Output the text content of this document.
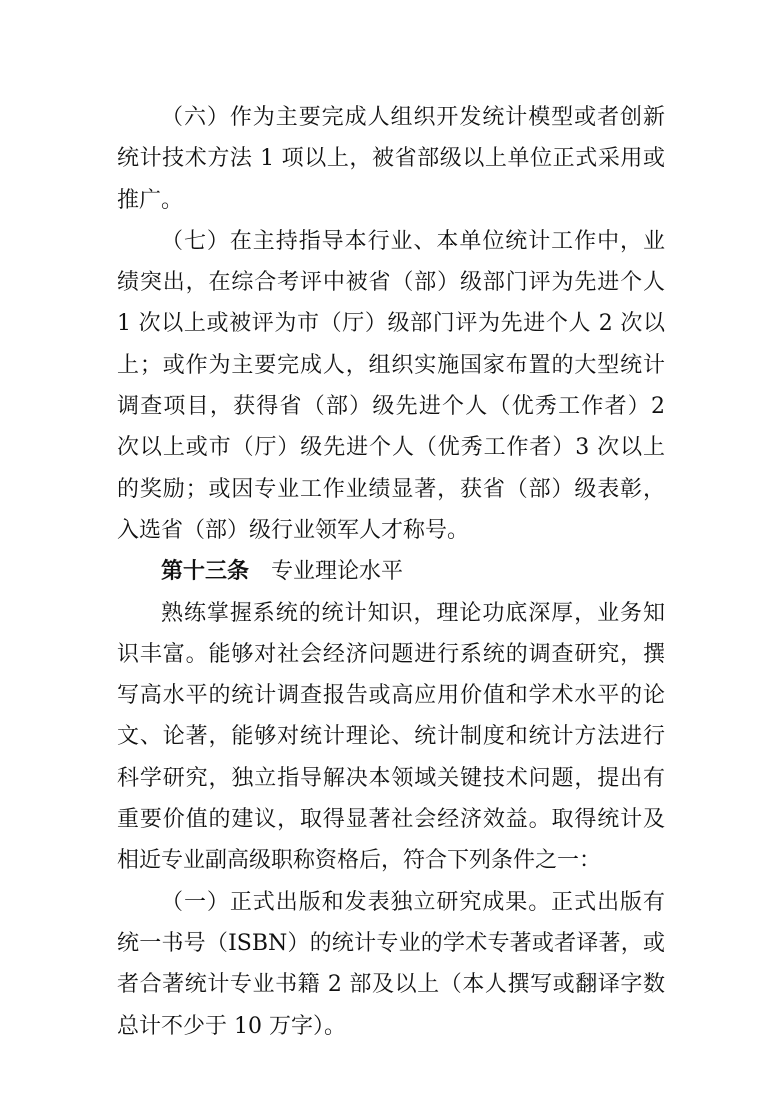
（六）作为主要完成人组织开发统计模型或者创新统计技术方法 1 项以上，被省部级以上单位正式采用或推广。

（七）在主持指导本行业、本单位统计工作中，业绩突出，在综合考评中被省（部）级部门评为先进个人 1 次以上或被评为市（厅）级部门评为先进个人 2 次以上；或作为主要完成人，组织实施国家布置的大型统计调查项目，获得省（部）级先进个人（优秀工作者）2 次以上或市（厅）级先进个人（优秀工作者）3 次以上的奖励；或因专业工作业绩显著，获省（部）级表彰，入选省（部）级行业领军人才称号。

第十三条 专业理论水平

熟练掌握系统的统计知识，理论功底深厚，业务知识丰富。能够对社会经济问题进行系统的调查研究，撰写高水平的统计调查报告或高应用价值和学术水平的论文、论著，能够对统计理论、统计制度和统计方法进行科学研究，独立指导解决本领域关键技术问题，提出有重要价值的建议，取得显著社会经济效益。取得统计及相近专业副高级职称资格后，符合下列条件之一：

（一）正式出版和发表独立研究成果。正式出版有统一书号（ISBN）的统计专业的学术专著或者译著，或者合著统计专业书籍 2 部及以上（本人撰写或翻译字数总计不少于 10 万字）。
